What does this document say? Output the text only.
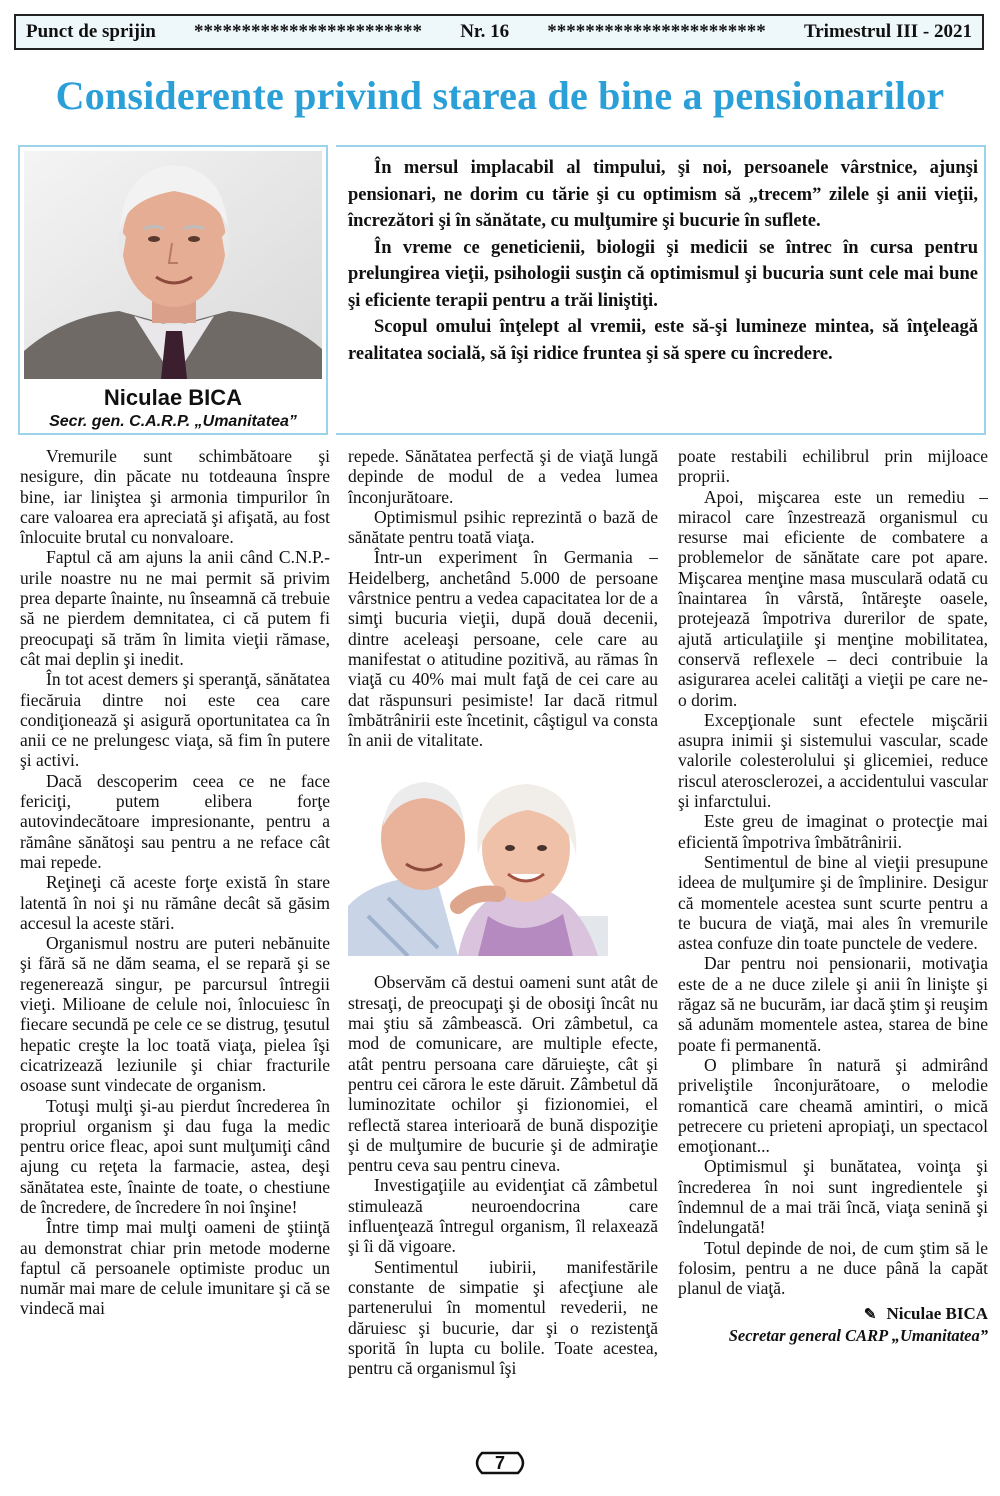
Punct de sprijin ************************ Nr. 16 *********************** Trimestrul III - 2021
Considerente privind starea de bine a pensionarilor
Niculae BICA
Secr. gen. C.A.R.P. „Umanitatea”

În mersul implacabil al timpului, şi noi, persoanele vârstnice, ajunşi pensionari, ne dorim cu tărie şi cu optimism să „trecem” zilele şi anii vieţii, încrezători şi în sănătate, cu mulţumire şi bucurie în suflete.

În vreme ce geneticienii, biologii şi medicii se întrec în cursa pentru prelungirea vieţii, psihologii susţin că optimismul şi bucuria sunt cele mai bune şi eficiente terapii pentru a trăi liniştiţi.

Scopul omului înţelept al vremii, este să-şi lumineze mintea, să înţeleagă realitatea socială, să îşi ridice fruntea şi să spere cu încredere.

Vremurile sunt schimbătoare şi nesigure, din păcate nu totdeauna înspre bine, iar liniştea şi armonia timpurilor în care valoarea era apreciată şi afişată, au fost înlocuite brutal cu nonvaloare.

Faptul că am ajuns la anii când C.N.P.-urile noastre nu ne mai permit să privim prea departe înainte, nu înseamnă că trebuie să ne pierdem demnitatea, ci că putem fi preocupaţi să trăm în limita vieţii rămase, cât mai deplin şi inedit.

În tot acest demers şi speranţă, sănătatea fiecăruia dintre noi este cea care condiţionează şi asigură oportunitatea ca în anii ce ne prelungesc viaţa, să fim în putere şi activi.

Dacă descoperim ceea ce ne face fericiţi, putem elibera forţe autovindecătoare impresionante, pentru a rămâne sănătoşi sau pentru a ne reface cât mai repede.

Reţineţi că aceste forţe există în stare latentă în noi şi nu rămâne decât să găsim accesul la aceste stări.

Organismul nostru are puteri nebănuite şi fără să ne dăm seama, el se repară şi se regenerează singur, pe parcursul întregii vieţi. Milioane de celule noi, înlocuiesc în fiecare secundă pe cele ce se distrug, ţesutul hepatic creşte la loc toată viaţa, pielea îşi cicatrizează leziunile şi chiar fracturile osoase sunt vindecate de organism.

Totuşi mulţi şi-au pierdut încrederea în propriul organism şi dau fuga la medic pentru orice fleac, apoi sunt mulţumiţi când ajung cu reţeta la farmacie, astea, deşi sănătatea este, înainte de toate, o chestiune de încredere, de încredere în noi înşine!

Între timp mai mulţi oameni de ştiinţă au demonstrat chiar prin metode moderne faptul că persoanele optimiste produc un număr mai mare de celule imunitare şi că se vindecă mai

repede. Sănătatea perfectă şi de viaţă lungă depinde de modul de a vedea lumea înconjurătoare.

Optimismul psihic reprezintă o bază de sănătate pentru toată viaţa.

Într-un experiment în Germania – Heidelberg, anchetând 5.000 de persoane vârstnice pentru a vedea capacitatea lor de a simţi bucuria vieţii, după două decenii, dintre aceleaşi persoane, cele care au manifestat o atitudine pozitivă, au rămas în viaţă cu 40% mai mult faţă de cei care au dat răspunsuri pesimiste! Iar dacă ritmul îmbătrânirii este încetinit, câştigul va consta în anii de vitalitate.

Observăm că destui oameni sunt atât de stresaţi, de preocupaţi şi de obosiţi încât nu mai ştiu să zâmbească. Ori zâmbetul, ca mod de comunicare, are multiple efecte, atât pentru persoana care dăruieşte, cât şi pentru cei cărora le este dăruit. Zâmbetul dă luminozitate ochilor şi fizionomiei, el reflectă starea interioară de bună dispoziţie şi de mulţumire de bucurie şi de admiraţie pentru ceva sau pentru cineva.

Investigaţiile au evidenţiat că zâmbetul stimulează neuroendocrina care influenţează întregul organism, îl relaxează şi îi dă vigoare.

Sentimentul iubirii, manifestările constante de simpatie şi afecţiune ale partenerului în momentul revederii, ne dăruiesc şi bucurie, dar şi o rezistenţă sporită în lupta cu bolile. Toate acestea, pentru că organismul îşi

poate restabili echilibrul prin mijloace proprii.

Apoi, mişcarea este un remediu – miracol care înzestrează organismul cu resurse mai eficiente de combatere a problemelor de sănătate care pot apare. Mişcarea menţine masa musculară odată cu înaintarea în vârstă, întăreşte oasele, protejează împotriva durerilor de spate, ajută articulaţiile şi menţine mobilitatea, conservă reflexele – deci contribuie la asigurarea acelei calităţi a vieţii pe care ne-o dorim.

Excepţionale sunt efectele mişcării asupra inimii şi sistemului vascular, scade valorile colesterolului şi glicemiei, reduce riscul aterosclerozei, a accidentului vascular şi infarctului.

Este greu de imaginat o protecţie mai eficientă împotriva îmbătrânirii.

Sentimentul de bine al vieţii presupune ideea de mulţumire şi de împlinire. Desigur că momentele acestea sunt scurte pentru a te bucura de viaţă, mai ales în vremurile astea confuze din toate punctele de vedere.

Dar pentru noi pensionarii, motivaţia este de a ne duce zilele şi anii în linişte şi răgaz să ne bucurăm, iar dacă ştim şi reuşim să adunăm momentele astea, starea de bine poate fi permanentă.

O plimbare în natură şi admirând priveliştile înconjurătoare, o melodie romantică care cheamă amintiri, o mică petrecere cu prieteni apropiaţi, un spectacol emoţionant...

Optimismul şi bunătatea, voinţa şi încrederea în noi sunt ingredientele şi îndemnul de a mai trăi încă, viaţa senină şi îndelungată!

Totul depinde de noi, de cum ştim să le folosim, pentru a ne duce până la capăt planul de viaţă.

✎ Niculae BICA
Secretar general CARP „Umanitatea”
7
